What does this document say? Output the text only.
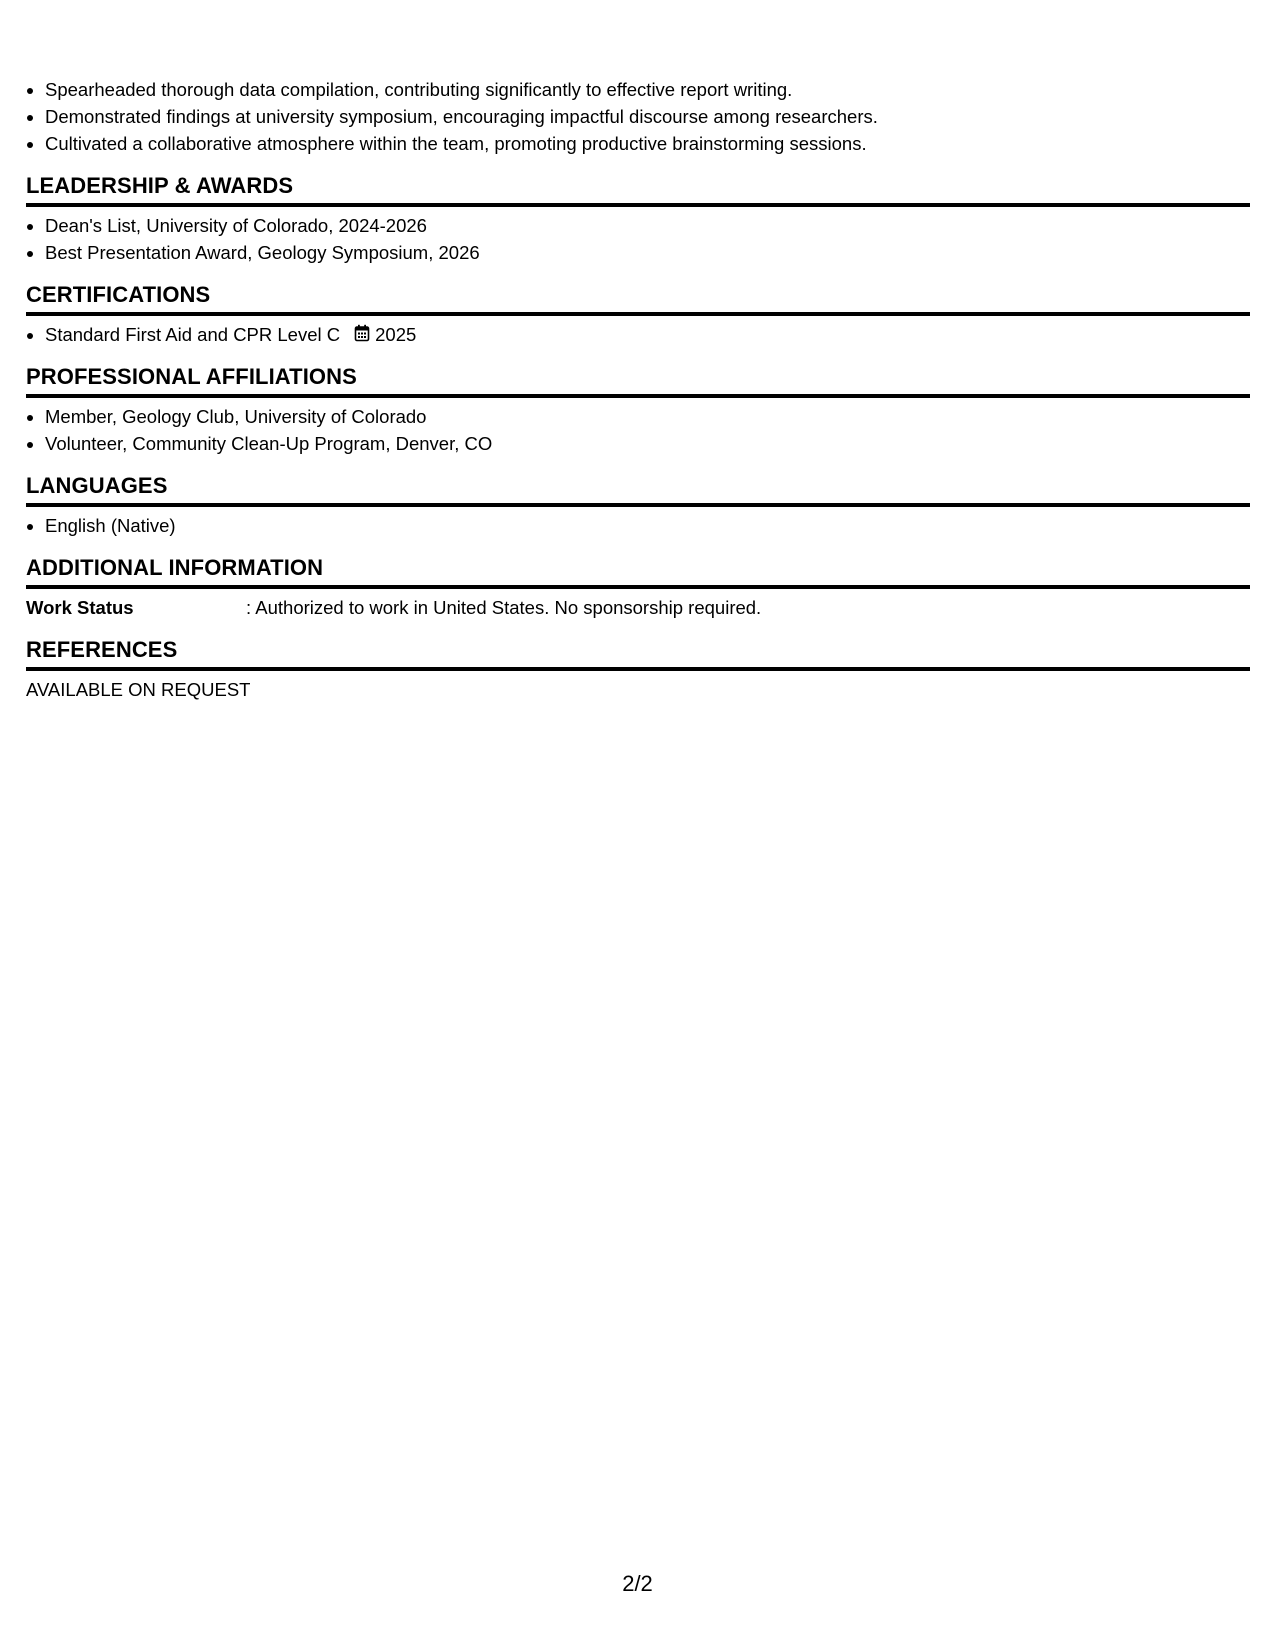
• Spearheaded thorough data compilation, contributing significantly to effective report writing.
• Demonstrated findings at university symposium, encouraging impactful discourse among researchers.
• Cultivated a collaborative atmosphere within the team, promoting productive brainstorming sessions.
LEADERSHIP & AWARDS
• Dean's List, University of Colorado, 2024-2026
• Best Presentation Award, Geology Symposium, 2026
CERTIFICATIONS
• Standard First Aid and CPR Level C 2025
PROFESSIONAL AFFILIATIONS
• Member, Geology Club, University of Colorado
• Volunteer, Community Clean-Up Program, Denver, CO
LANGUAGES
• English (Native)
ADDITIONAL INFORMATION
Work Status	: Authorized to work in United States. No sponsorship required.
REFERENCES
AVAILABLE ON REQUEST
2/2
